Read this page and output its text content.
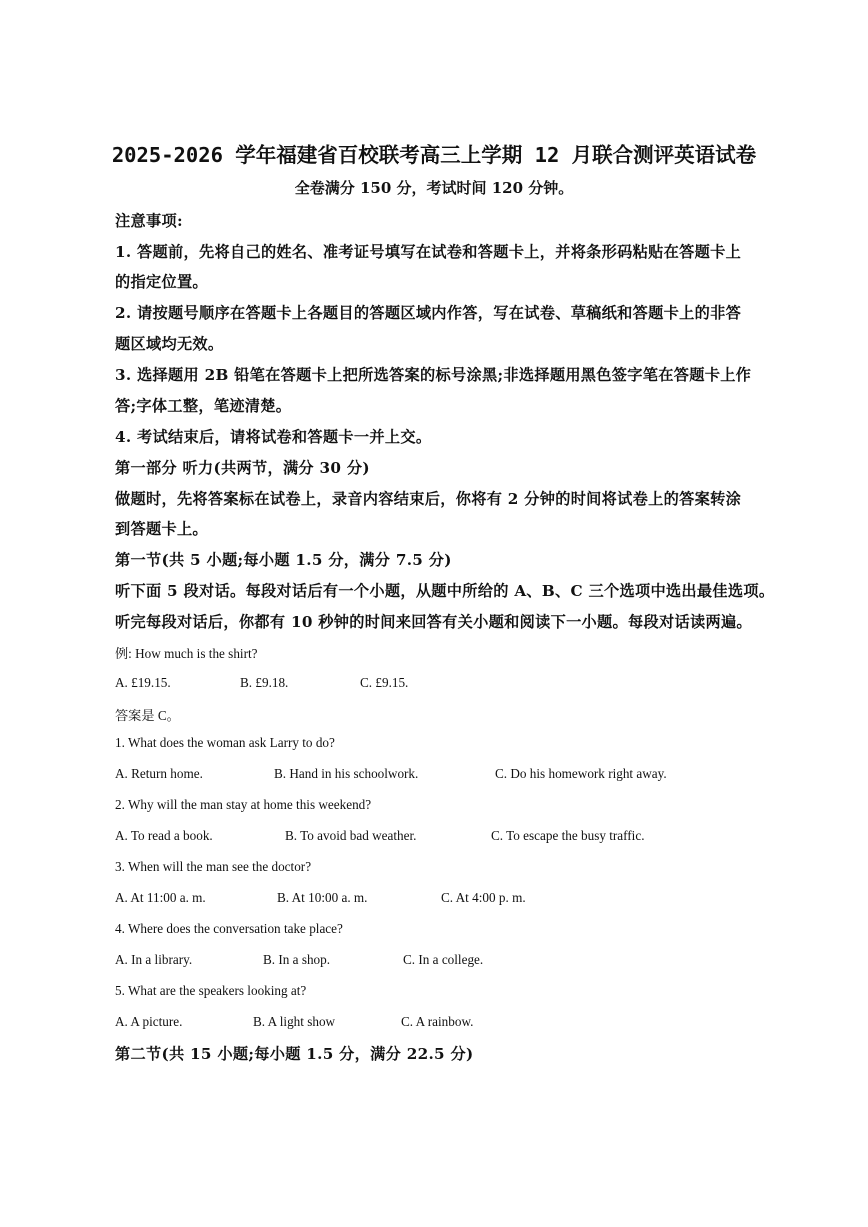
2025-2026 学年福建省百校联考高三上学期 12 月联合测评英语试卷
全卷满分 150 分，考试时间 120 分钟。
注意事项:
1. 答题前，先将自己的姓名、准考证号填写在试卷和答题卡上，并将条形码粘贴在答题卡上
的指定位置。
2. 请按题号顺序在答题卡上各题目的答题区域内作答，写在试卷、草稿纸和答题卡上的非答
题区域均无效。
3. 选择题用 2B 铅笔在答题卡上把所选答案的标号涂黑;非选择题用黑色签字笔在答题卡上作
答;字体工整，笔迹清楚。
4. 考试结束后，请将试卷和答题卡一并上交。
第一部分 听力(共两节，满分 30 分)
做题时，先将答案标在试卷上，录音内容结束后，你将有 2 分钟的时间将试卷上的答案转涂
到答题卡上。
第一节(共 5 小题;每小题 1.5 分，满分 7.5 分)
听下面 5 段对话。每段对话后有一个小题，从题中所给的 A、B、C 三个选项中选出最佳选项。
听完每段对话后，你都有 10 秒钟的时间来回答有关小题和阅读下一小题。每段对话读两遍。
例: How much is the shirt?
A. £19.15.	B. £9.18.	C. £9.15.
答案是 C。
1. What does the woman ask Larry to do?
A. Return home.	B. Hand in his schoolwork.	C. Do his homework right away.
2. Why will the man stay at home this weekend?
A. To read a book.	B. To avoid bad weather.	C. To escape the busy traffic.
3. When will the man see the doctor?
A. At 11:00 a. m.	B. At 10:00 a. m.	C. At 4:00 p. m.
4. Where does the conversation take place?
A. In a library.	B. In a shop.	C. In a college.
5. What are the speakers looking at?
A. A picture.	B. A light show	C. A rainbow.
第二节(共 15 小题;每小题 1.5 分，满分 22.5 分)
